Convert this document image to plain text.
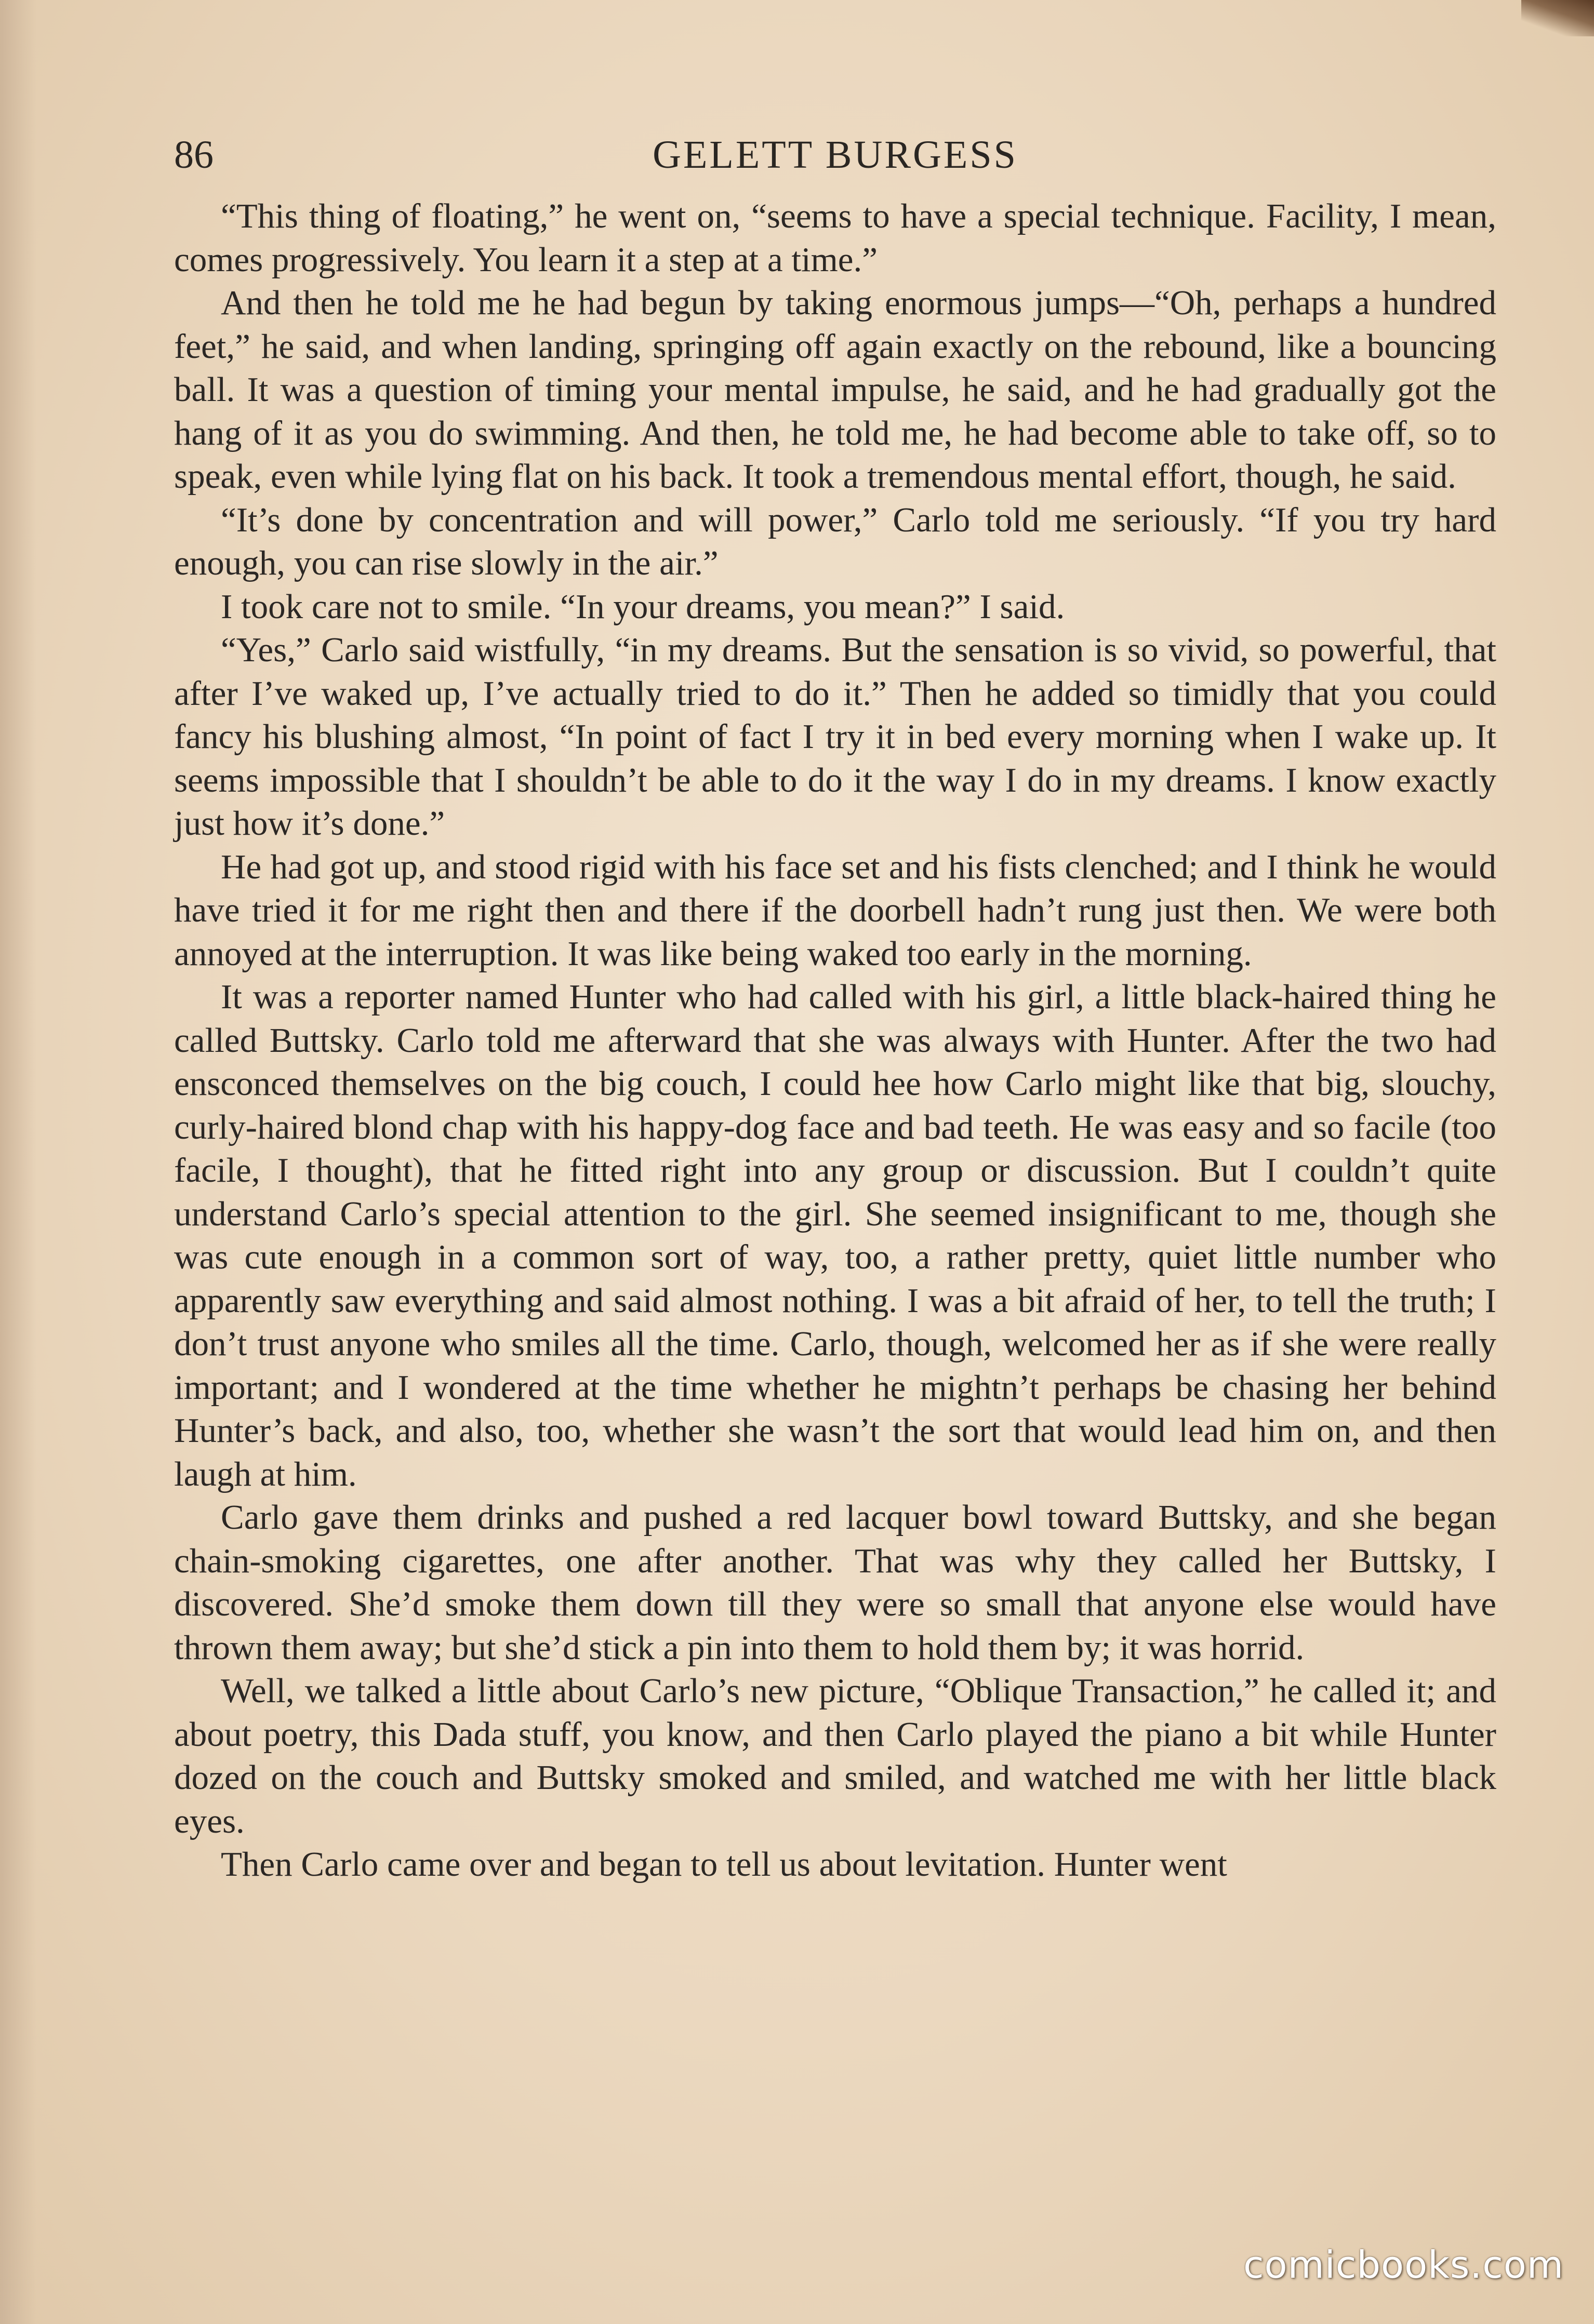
86	GELETT BURGESS

“This thing of floating,” he went on, “seems to have a special technique. Facility, I mean, comes progressively. You learn it a step at a time.”

And then he told me he had begun by taking enormous jumps—“Oh, perhaps a hundred feet,” he said, and when landing, springing off again exactly on the rebound, like a bouncing ball. It was a question of timing your mental impulse, he said, and he had gradually got the hang of it as you do swimming. And then, he told me, he had become able to take off, so to speak, even while lying flat on his back. It took a tremendous mental effort, though, he said.

“It’s done by concentration and will power,” Carlo told me seriously. “If you try hard enough, you can rise slowly in the air.”

I took care not to smile. “In your dreams, you mean?” I said.

“Yes,” Carlo said wistfully, “in my dreams. But the sensation is so vivid, so powerful, that after I’ve waked up, I’ve actually tried to do it.” Then he added so timidly that you could fancy his blushing almost, “In point of fact I try it in bed every morning when I wake up. It seems impossible that I shouldn’t be able to do it the way I do in my dreams. I know exactly just how it’s done.”

He had got up, and stood rigid with his face set and his fists clenched; and I think he would have tried it for me right then and there if the doorbell hadn’t rung just then. We were both annoyed at the interruption. It was like being waked too early in the morning.

It was a reporter named Hunter who had called with his girl, a little black-haired thing he called Buttsky. Carlo told me afterward that she was always with Hunter. After the two had ensconced themselves on the big couch, I could hee how Carlo might like that big, slouchy, curly-haired blond chap with his happy-dog face and bad teeth. He was easy and so facile (too facile, I thought), that he fitted right into any group or discussion. But I couldn’t quite understand Carlo’s special attention to the girl. She seemed insignificant to me, though she was cute enough in a common sort of way, too, a rather pretty, quiet little number who apparently saw everything and said almost nothing. I was a bit afraid of her, to tell the truth; I don’t trust anyone who smiles all the time. Carlo, though, welcomed her as if she were really important; and I wondered at the time whether he mightn’t perhaps be chasing her behind Hunter’s back, and also, too, whether she wasn’t the sort that would lead him on, and then laugh at him.

Carlo gave them drinks and pushed a red lacquer bowl toward Buttsky, and she began chain-smoking cigarettes, one after another. That was why they called her Buttsky, I discovered. She’d smoke them down till they were so small that anyone else would have thrown them away; but she’d stick a pin into them to hold them by; it was horrid.

Well, we talked a little about Carlo’s new picture, “Oblique Transaction,” he called it; and about poetry, this Dada stuff, you know, and then Carlo played the piano a bit while Hunter dozed on the couch and Buttsky smoked and smiled, and watched me with her little black eyes.

Then Carlo came over and began to tell us about levitation. Hunter went

comicbooks.com
